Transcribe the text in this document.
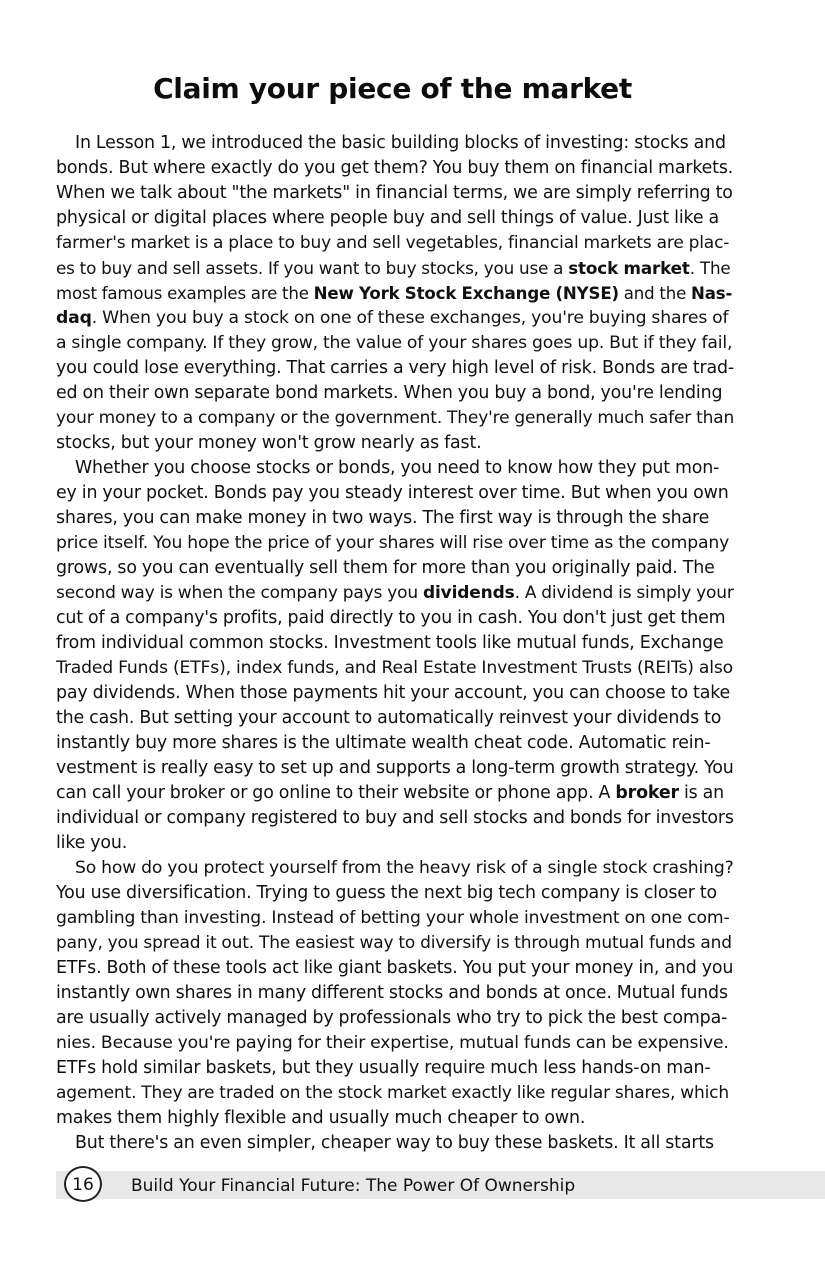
Claim your piece of the market
In Lesson 1, we introduced the basic building blocks of investing: stocks and
bonds. But where exactly do you get them? You buy them on financial markets.
When we talk about "the markets" in financial terms, we are simply referring to
physical or digital places where people buy and sell things of value. Just like a
farmer's market is a place to buy and sell vegetables, financial markets are plac-
es to buy and sell assets. If you want to buy stocks, you use a stock market. The
most famous examples are the New York Stock Exchange (NYSE) and the Nas-
daq. When you buy a stock on one of these exchanges, you're buying shares of
a single company. If they grow, the value of your shares goes up. But if they fail,
you could lose everything. That carries a very high level of risk. Bonds are trad-
ed on their own separate bond markets. When you buy a bond, you're lending
your money to a company or the government. They're generally much safer than
stocks, but your money won't grow nearly as fast.
Whether you choose stocks or bonds, you need to know how they put mon-
ey in your pocket. Bonds pay you steady interest over time. But when you own
shares, you can make money in two ways. The first way is through the share
price itself. You hope the price of your shares will rise over time as the company
grows, so you can eventually sell them for more than you originally paid. The
second way is when the company pays you dividends. A dividend is simply your
cut of a company's profits, paid directly to you in cash. You don't just get them
from individual common stocks. Investment tools like mutual funds, Exchange
Traded Funds (ETFs), index funds, and Real Estate Investment Trusts (REITs) also
pay dividends. When those payments hit your account, you can choose to take
the cash. But setting your account to automatically reinvest your dividends to
instantly buy more shares is the ultimate wealth cheat code. Automatic rein-
vestment is really easy to set up and supports a long-term growth strategy. You
can call your broker or go online to their website or phone app. A broker is an
individual or company registered to buy and sell stocks and bonds for investors
like you.
So how do you protect yourself from the heavy risk of a single stock crashing?
You use diversification. Trying to guess the next big tech company is closer to
gambling than investing. Instead of betting your whole investment on one com-
pany, you spread it out. The easiest way to diversify is through mutual funds and
ETFs. Both of these tools act like giant baskets. You put your money in, and you
instantly own shares in many different stocks and bonds at once. Mutual funds
are usually actively managed by professionals who try to pick the best compa-
nies. Because you're paying for their expertise, mutual funds can be expensive.
ETFs hold similar baskets, but they usually require much less hands-on man-
agement. They are traded on the stock market exactly like regular shares, which
makes them highly flexible and usually much cheaper to own.
But there's an even simpler, cheaper way to buy these baskets. It all starts
16 Build Your Financial Future: The Power Of Ownership
